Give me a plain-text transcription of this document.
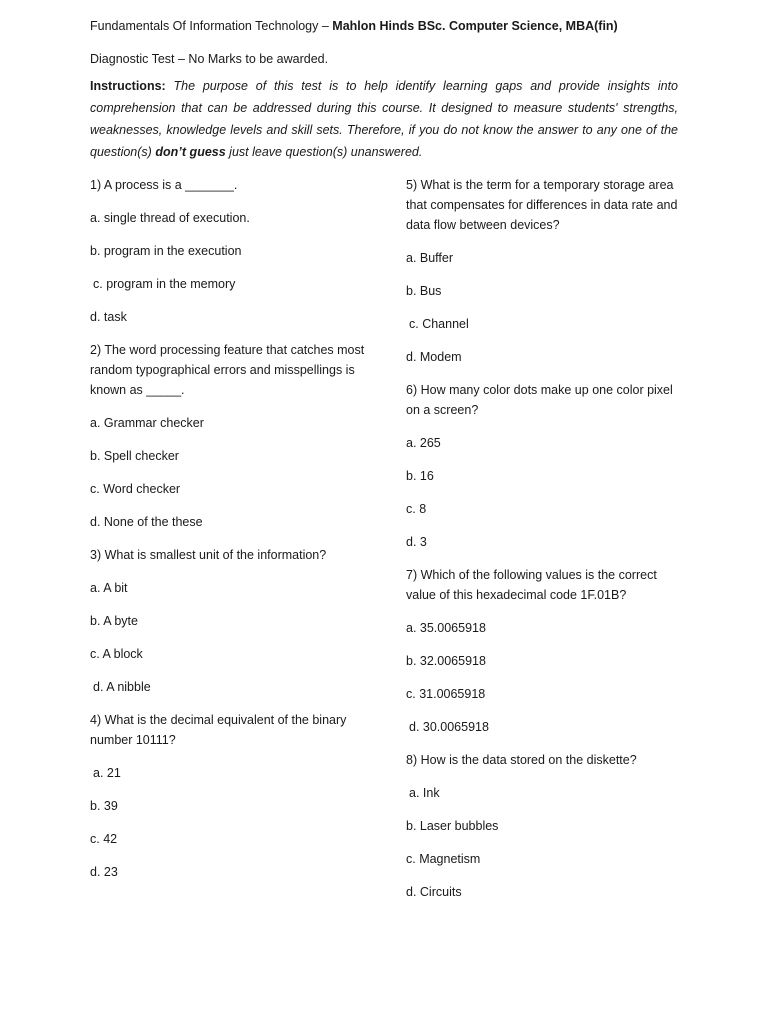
Fundamentals Of Information Technology – Mahlon Hinds BSc. Computer Science, MBA(fin)
Diagnostic Test – No Marks to be awarded.
Instructions: The purpose of this test is to help identify learning gaps and provide insights into comprehension that can be addressed during this course. It designed to measure students' strengths, weaknesses, knowledge levels and skill sets. Therefore, if you do not know the answer to any one of the question(s) don’t guess just leave question(s) unanswered.
1) A process is a _______.
a. single thread of execution.
b. program in the execution
c. program in the memory
d. task
2) The word processing feature that catches most random typographical errors and misspellings is known as _____.
a. Grammar checker
b. Spell checker
c. Word checker
d. None of the these
3) What is smallest unit of the information?
a. A bit
b. A byte
c. A block
d. A nibble
4) What is the decimal equivalent of the binary number 10111?
a. 21
b. 39
c. 42
d. 23
5) What is the term for a temporary storage area that compensates for differences in data rate and data flow between devices?
a. Buffer
b. Bus
c. Channel
d. Modem
6) How many color dots make up one color pixel on a screen?
a. 265
b. 16
c. 8
d. 3
7) Which of the following values is the correct value of this hexadecimal code 1F.01B?
a. 35.0065918
b. 32.0065918
c. 31.0065918
d. 30.0065918
8) How is the data stored on the diskette?
a. Ink
b. Laser bubbles
c. Magnetism
d. Circuits
